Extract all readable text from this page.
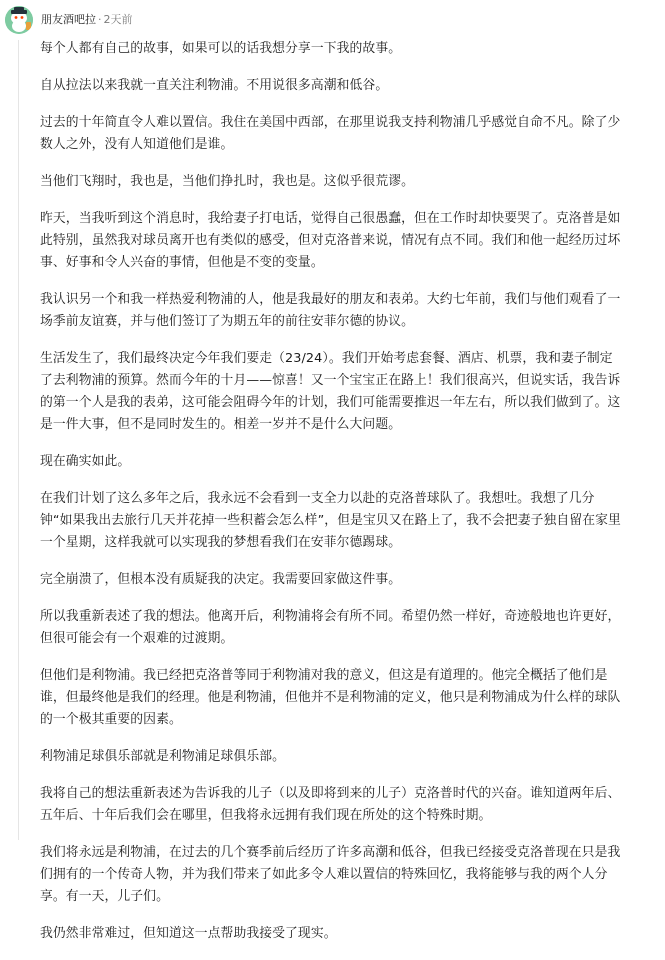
朋友酒吧拉 · 2天前

每个人都有自己的故事，如果可以的话我想分享一下我的故事。

自从拉法以来我就一直关注利物浦。不用说很多高潮和低谷。

过去的十年简直令人难以置信。我住在美国中西部，在那里说我支持利物浦几乎感觉自命不凡。除了少数人之外，没有人知道他们是谁。

当他们飞翔时，我也是，当他们挣扎时，我也是。这似乎很荒谬。

昨天，当我听到这个消息时，我给妻子打电话，觉得自己很愚蠢，但在工作时却快要哭了。克洛普是如此特别，虽然我对球员离开也有类似的感受，但对克洛普来说，情况有点不同。我们和他一起经历过坏事、好事和令人兴奋的事情，但他是不变的变量。

我认识另一个和我一样热爱利物浦的人，他是我最好的朋友和表弟。大约七年前，我们与他们观看了一场季前友谊赛，并与他们签订了为期五年的前往安菲尔德的协议。

生活发生了，我们最终决定今年我们要走（23/24）。我们开始考虑套餐、酒店、机票，我和妻子制定了去利物浦的预算。然而今年的十月——惊喜！又一个宝宝正在路上！我们很高兴，但说实话，我告诉的第一个人是我的表弟，这可能会阻碍今年的计划，我们可能需要推迟一年左右，所以我们做到了。这是一件大事，但不是同时发生的。相差一岁并不是什么大问题。

现在确实如此。

在我们计划了这么多年之后，我永远不会看到一支全力以赴的克洛普球队了。我想吐。我想了几分钟“如果我出去旅行几天并花掉一些积蓄会怎么样”，但是宝贝又在路上了，我不会把妻子独自留在家里一个星期，这样我就可以实现我的梦想看我们在安菲尔德踢球。

完全崩溃了，但根本没有质疑我的决定。我需要回家做这件事。

所以我重新表述了我的想法。他离开后，利物浦将会有所不同。希望仍然一样好，奇迹般地也许更好，但很可能会有一个艰难的过渡期。

但他们是利物浦。我已经把克洛普等同于利物浦对我的意义，但这是有道理的。他完全概括了他们是谁，但最终他是我们的经理。他是利物浦，但他并不是利物浦的定义，他只是利物浦成为什么样的球队的一个极其重要的因素。

利物浦足球俱乐部就是利物浦足球俱乐部。

我将自己的想法重新表述为告诉我的儿子（以及即将到来的儿子）克洛普时代的兴奋。谁知道两年后、五年后、十年后我们会在哪里，但我将永远拥有我们现在所处的这个特殊时期。

我们将永远是利物浦，在过去的几个赛季前后经历了许多高潮和低谷，但我已经接受克洛普现在只是我们拥有的一个传奇人物，并为我们带来了如此多令人难以置信的特殊回忆，我将能够与我的两个人分享。有一天，儿子们。

我仍然非常难过，但知道这一点帮助我接受了现实。
